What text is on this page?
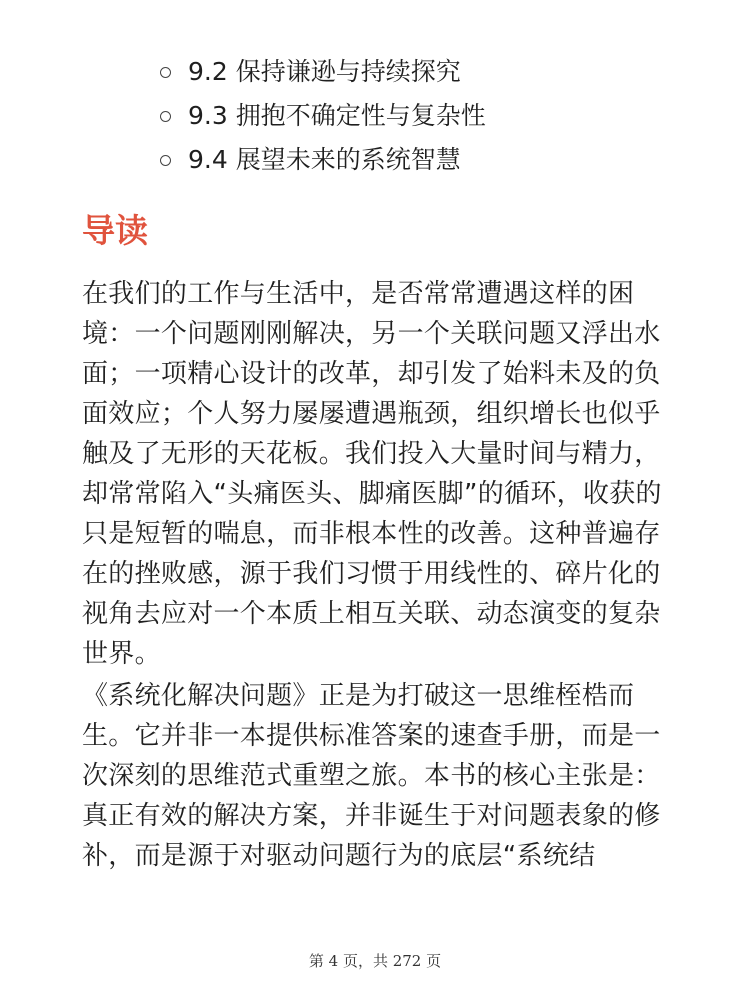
9.2 保持谦逊与持续探究
9.3 拥抱不确定性与复杂性
9.4 展望未来的系统智慧
导读

在我们的工作与生活中，是否常常遭遇这样的困境：一个问题刚刚解决，另一个关联问题又浮出水面；一项精心设计的改革，却引发了始料未及的负面效应；个人努力屡屡遭遇瓶颈，组织增长也似乎触及了无形的天花板。我们投入大量时间与精力，却常常陷入“头痛医头、脚痛医脚”的循环，收获的只是短暂的喘息，而非根本性的改善。这种普遍存在的挫败感，源于我们习惯于用线性的、碎片化的视角去应对一个本质上相互关联、动态演变的复杂世界。

《系统化解决问题》正是为打破这一思维桎梏而生。它并非一本提供标准答案的速查手册，而是一次深刻的思维范式重塑之旅。本书的核心主张是：真正有效的解决方案，并非诞生于对问题表象的修补，而是源于对驱动问题行为的底层“系统结

第 4 页，共 272 页
